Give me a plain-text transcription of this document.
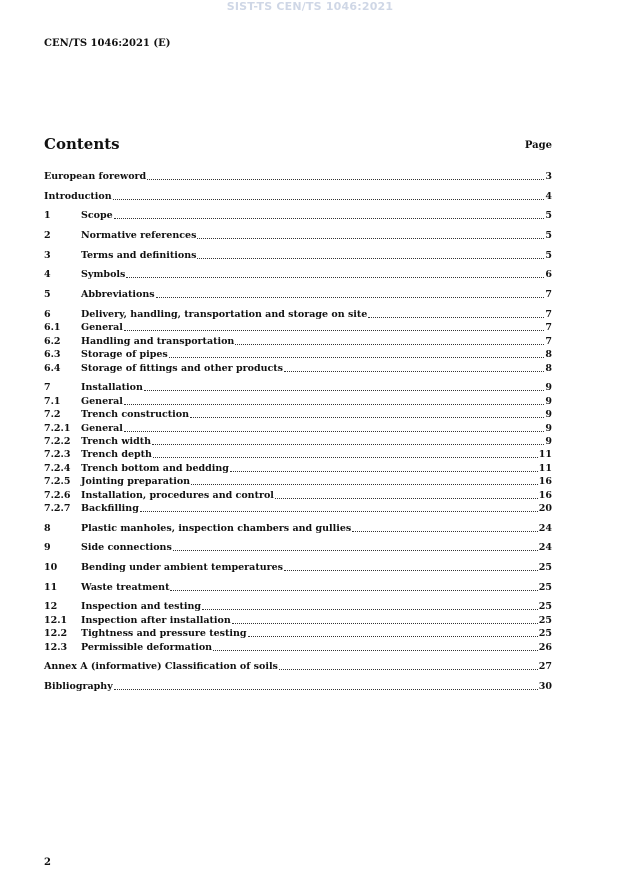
SIST-TS CEN/TS 1046:2021
CEN/TS 1046:2021 (E)
Contents	Page
European foreword	3
Introduction	4
1	Scope	5
2	Normative references	5
3	Terms and definitions	5
4	Symbols	6
5	Abbreviations	7
6	Delivery, handling, transportation and storage on site	7
6.1	General	7
6.2	Handling and transportation	7
6.3	Storage of pipes	8
6.4	Storage of fittings and other products	8
7	Installation	9
7.1	General	9
7.2	Trench construction	9
7.2.1	General	9
7.2.2	Trench width	9
7.2.3	Trench depth	11
7.2.4	Trench bottom and bedding	11
7.2.5	Jointing preparation	16
7.2.6	Installation, procedures and control	16
7.2.7	Backfilling	20
8	Plastic manholes, inspection chambers and gullies	24
9	Side connections	24
10	Bending under ambient temperatures	25
11	Waste treatment	25
12	Inspection and testing	25
12.1	Inspection after installation	25
12.2	Tightness and pressure testing	25
12.3	Permissible deformation	26
Annex A (informative) Classification of soils	27
Bibliography	30
2
